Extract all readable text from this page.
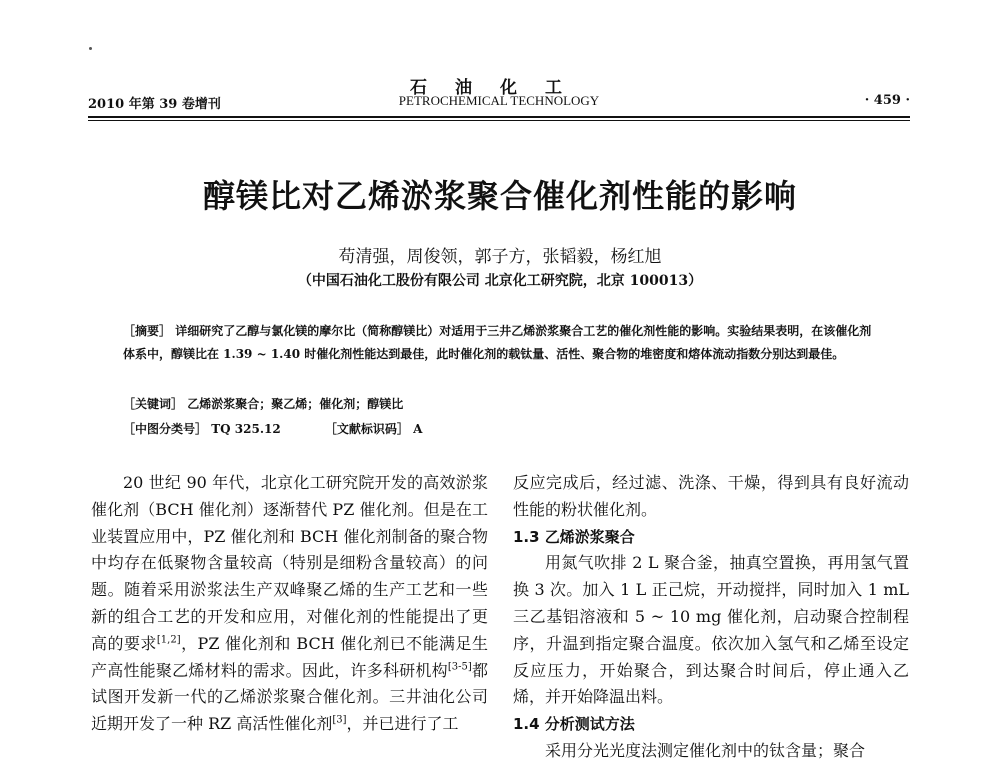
石油化工
2010 年第 39 卷增刊	PETROCHEMICAL TECHNOLOGY	· 459 ·
醇镁比对乙烯淤浆聚合催化剂性能的影响
苟清强，周俊领，郭子方，张韬毅，杨红旭
（中国石油化工股份有限公司 北京化工研究院，北京 100013）
［摘要］ 详细研究了乙醇与氯化镁的摩尔比（简称醇镁比）对适用于三井乙烯淤浆聚合工艺的催化剂性能的影响。实验结果表明，在该催化剂体系中，醇镁比在 1.39 ~ 1.40 时催化剂性能达到最佳，此时催化剂的载钛量、活性、聚合物的堆密度和熔体流动指数分别达到最佳。
［关键词］ 乙烯淤浆聚合；聚乙烯；催化剂；醇镁比
［中图分类号］ TQ 325.12	［文献标识码］ A

20 世纪 90 年代，北京化工研究院开发的高效淤浆催化剂（BCH 催化剂）逐渐替代 PZ 催化剂。但是在工业装置应用中，PZ 催化剂和 BCH 催化剂制备的聚合物中均存在低聚物含量较高（特别是细粉含量较高）的问题。随着采用淤浆法生产双峰聚乙烯的生产工艺和一些新的组合工艺的开发和应用，对催化剂的性能提出了更高的要求[1,2]，PZ 催化剂和 BCH 催化剂已不能满足生产高性能聚乙烯材料的需求。因此，许多科研机构[3-5]都试图开发新一代的乙烯淤浆聚合催化剂。三井油化公司近期开发了一种 RZ 高活性催化剂[3]，并已进行了工

反应完成后，经过滤、洗涤、干燥，得到具有良好流动性能的粉状催化剂。

1.3 乙烯淤浆聚合

用氮气吹排 2 L 聚合釜，抽真空置换，再用氢气置换 3 次。加入 1 L 正己烷，开动搅拌，同时加入 1 mL三乙基铝溶液和 5 ~ 10 mg 催化剂，启动聚合控制程序，升温到指定聚合温度。依次加入氢气和乙烯至设定反应压力，开始聚合，到达聚合时间后，停止通入乙烯，并开始降温出料。

1.4 分析测试方法

采用分光光度法测定催化剂中的钛含量；聚合
